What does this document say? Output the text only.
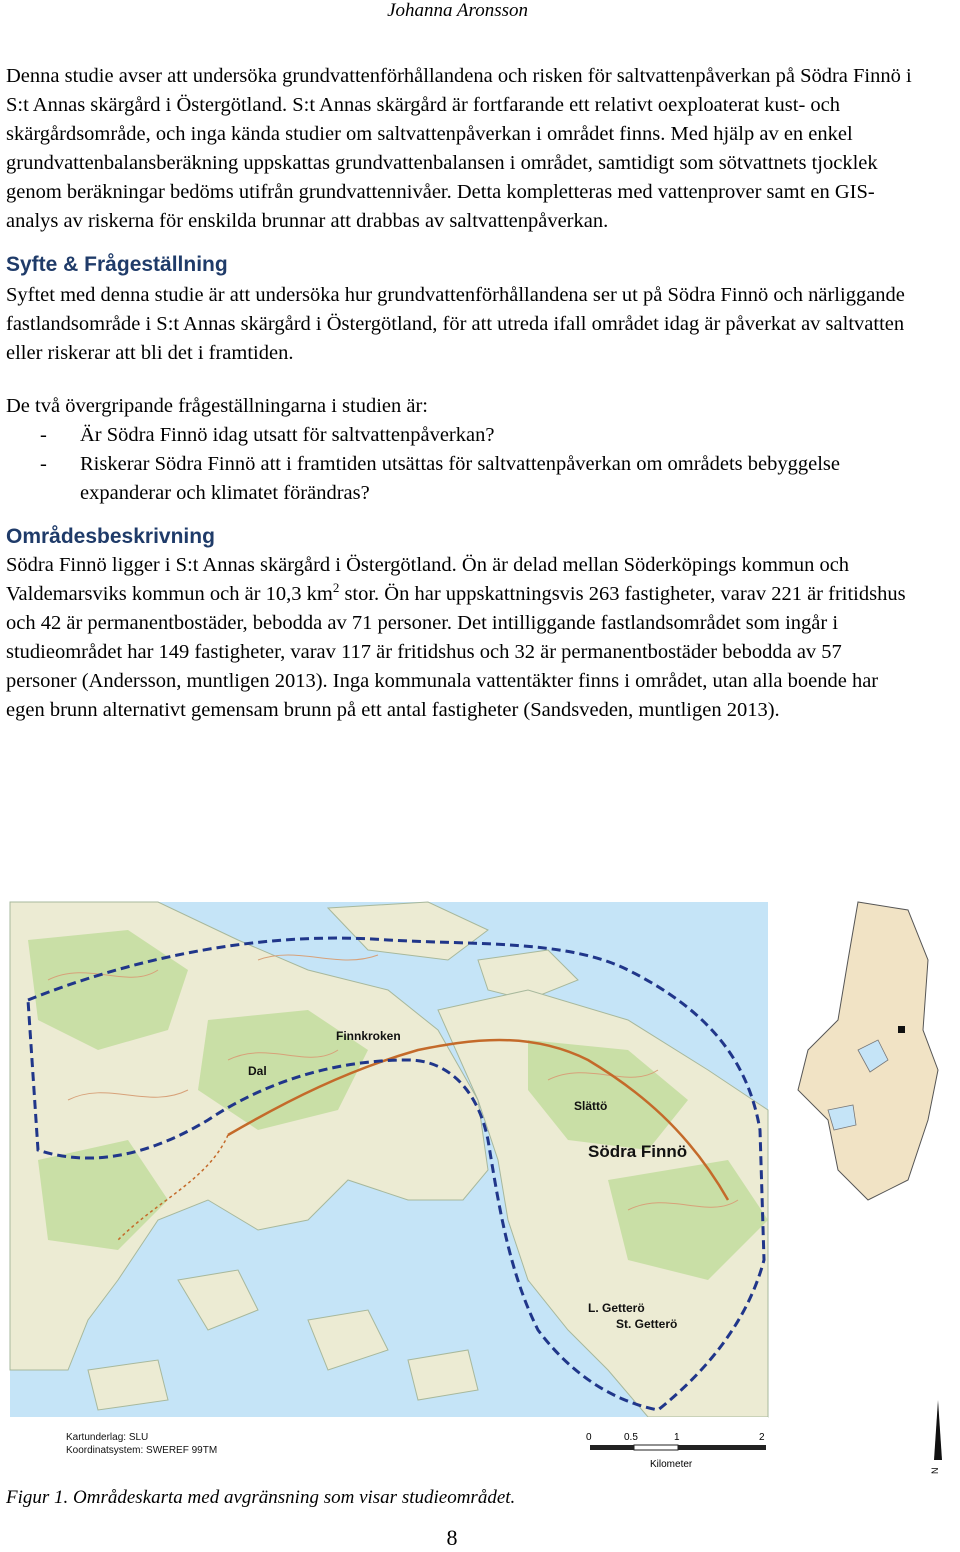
Johanna Aronsson

Denna studie avser att undersöka grundvattenförhållandena och risken för saltvattenpåverkan på Södra Finnö i S:t Annas skärgård i Östergötland. S:t Annas skärgård är fortfarande ett relativt oexploaterat kust- och skärgårdsområde, och inga kända studier om saltvattenpåverkan i området finns. Med hjälp av en enkel grundvattenbalansberäkning uppskattas grundvattenbalansen i området, samtidigt som sötvattnets tjocklek genom beräkningar bedöms utifrån grundvattennivåer. Detta kompletteras med vattenprover samt en GIS-analys av riskerna för enskilda brunnar att drabbas av saltvattenpåverkan.

Syfte & Frågeställning

Syftet med denna studie är att undersöka hur grundvattenförhållandena ser ut på Södra Finnö och närliggande fastlandsområde i S:t Annas skärgård i Östergötland, för att utreda ifall området idag är påverkat av saltvatten eller riskerar att bli det i framtiden.

De två övergripande frågeställningarna i studien är:

- Är Södra Finnö idag utsatt för saltvattenpåverkan?
- Riskerar Södra Finnö att i framtiden utsättas för saltvattenpåverkan om områdets bebyggelse expanderar och klimatet förändras?
Områdesbeskrivning

Södra Finnö ligger i S:t Annas skärgård i Östergötland. Ön är delad mellan Söderköpings kommun och Valdemarsviks kommun och är 10,3 $km^2$ stor. Ön har uppskattningsvis 263 fastigheter, varav 221 är fritidshus och 42 är permanentbostäder, bebodda av 71 personer. Det intilliggande fastlandsområdet som ingår i studieområdet har 149 fastigheter, varav 117 är fritidshus och 32 är permanentbostäder bebodda av 57 personer (Andersson, muntligen 2013). Inga kommunala vattentäkter finns i området, utan alla boende har egen brunn alternativt gemensam brunn på ett antal fastigheter (Sandsveden, muntligen 2013).

Finnkroken
Dal
Slättö
Södra Finnö
L. Getterö
St. Getterö
Kartunderlag: SLU
Koordinatsystem: SWEREF 99TM
0	0.5	1	2
Kilometer
N
Figur 1. Områdeskarta med avgränsning som visar studieområdet.
8
